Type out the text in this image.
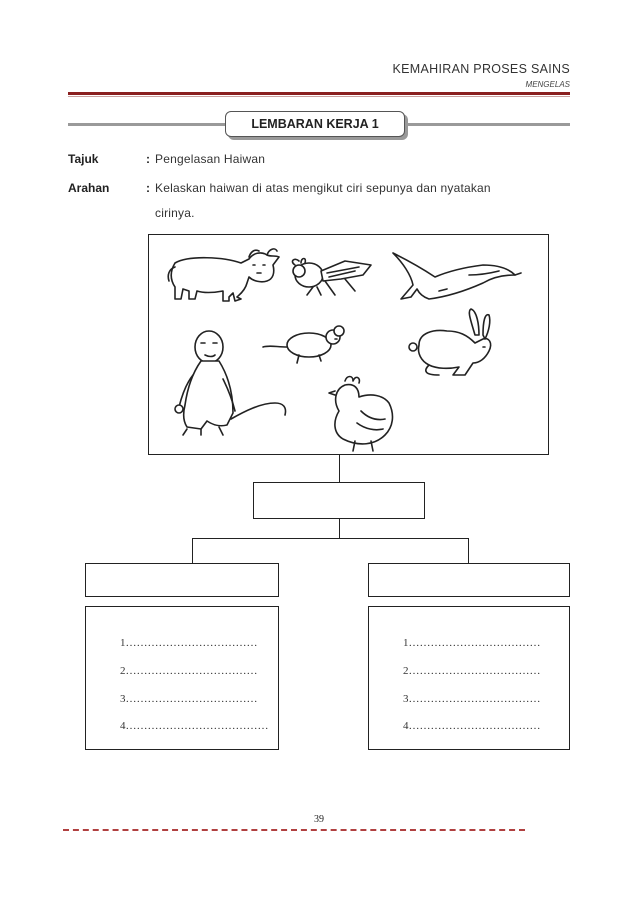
KEMAHIRAN PROSES SAINS
MENGELAS
LEMBARAN KERJA 1
Tajuk	: Pengelasan Haiwan
Arahan	: Kelaskan haiwan di atas mengikut ciri sepunya dan nyatakan
cirinya.
1………………………………
2………………………………
3………………………………
4…………………………………
1………………………………
2………………………………
3………………………………
4………………………………
39
